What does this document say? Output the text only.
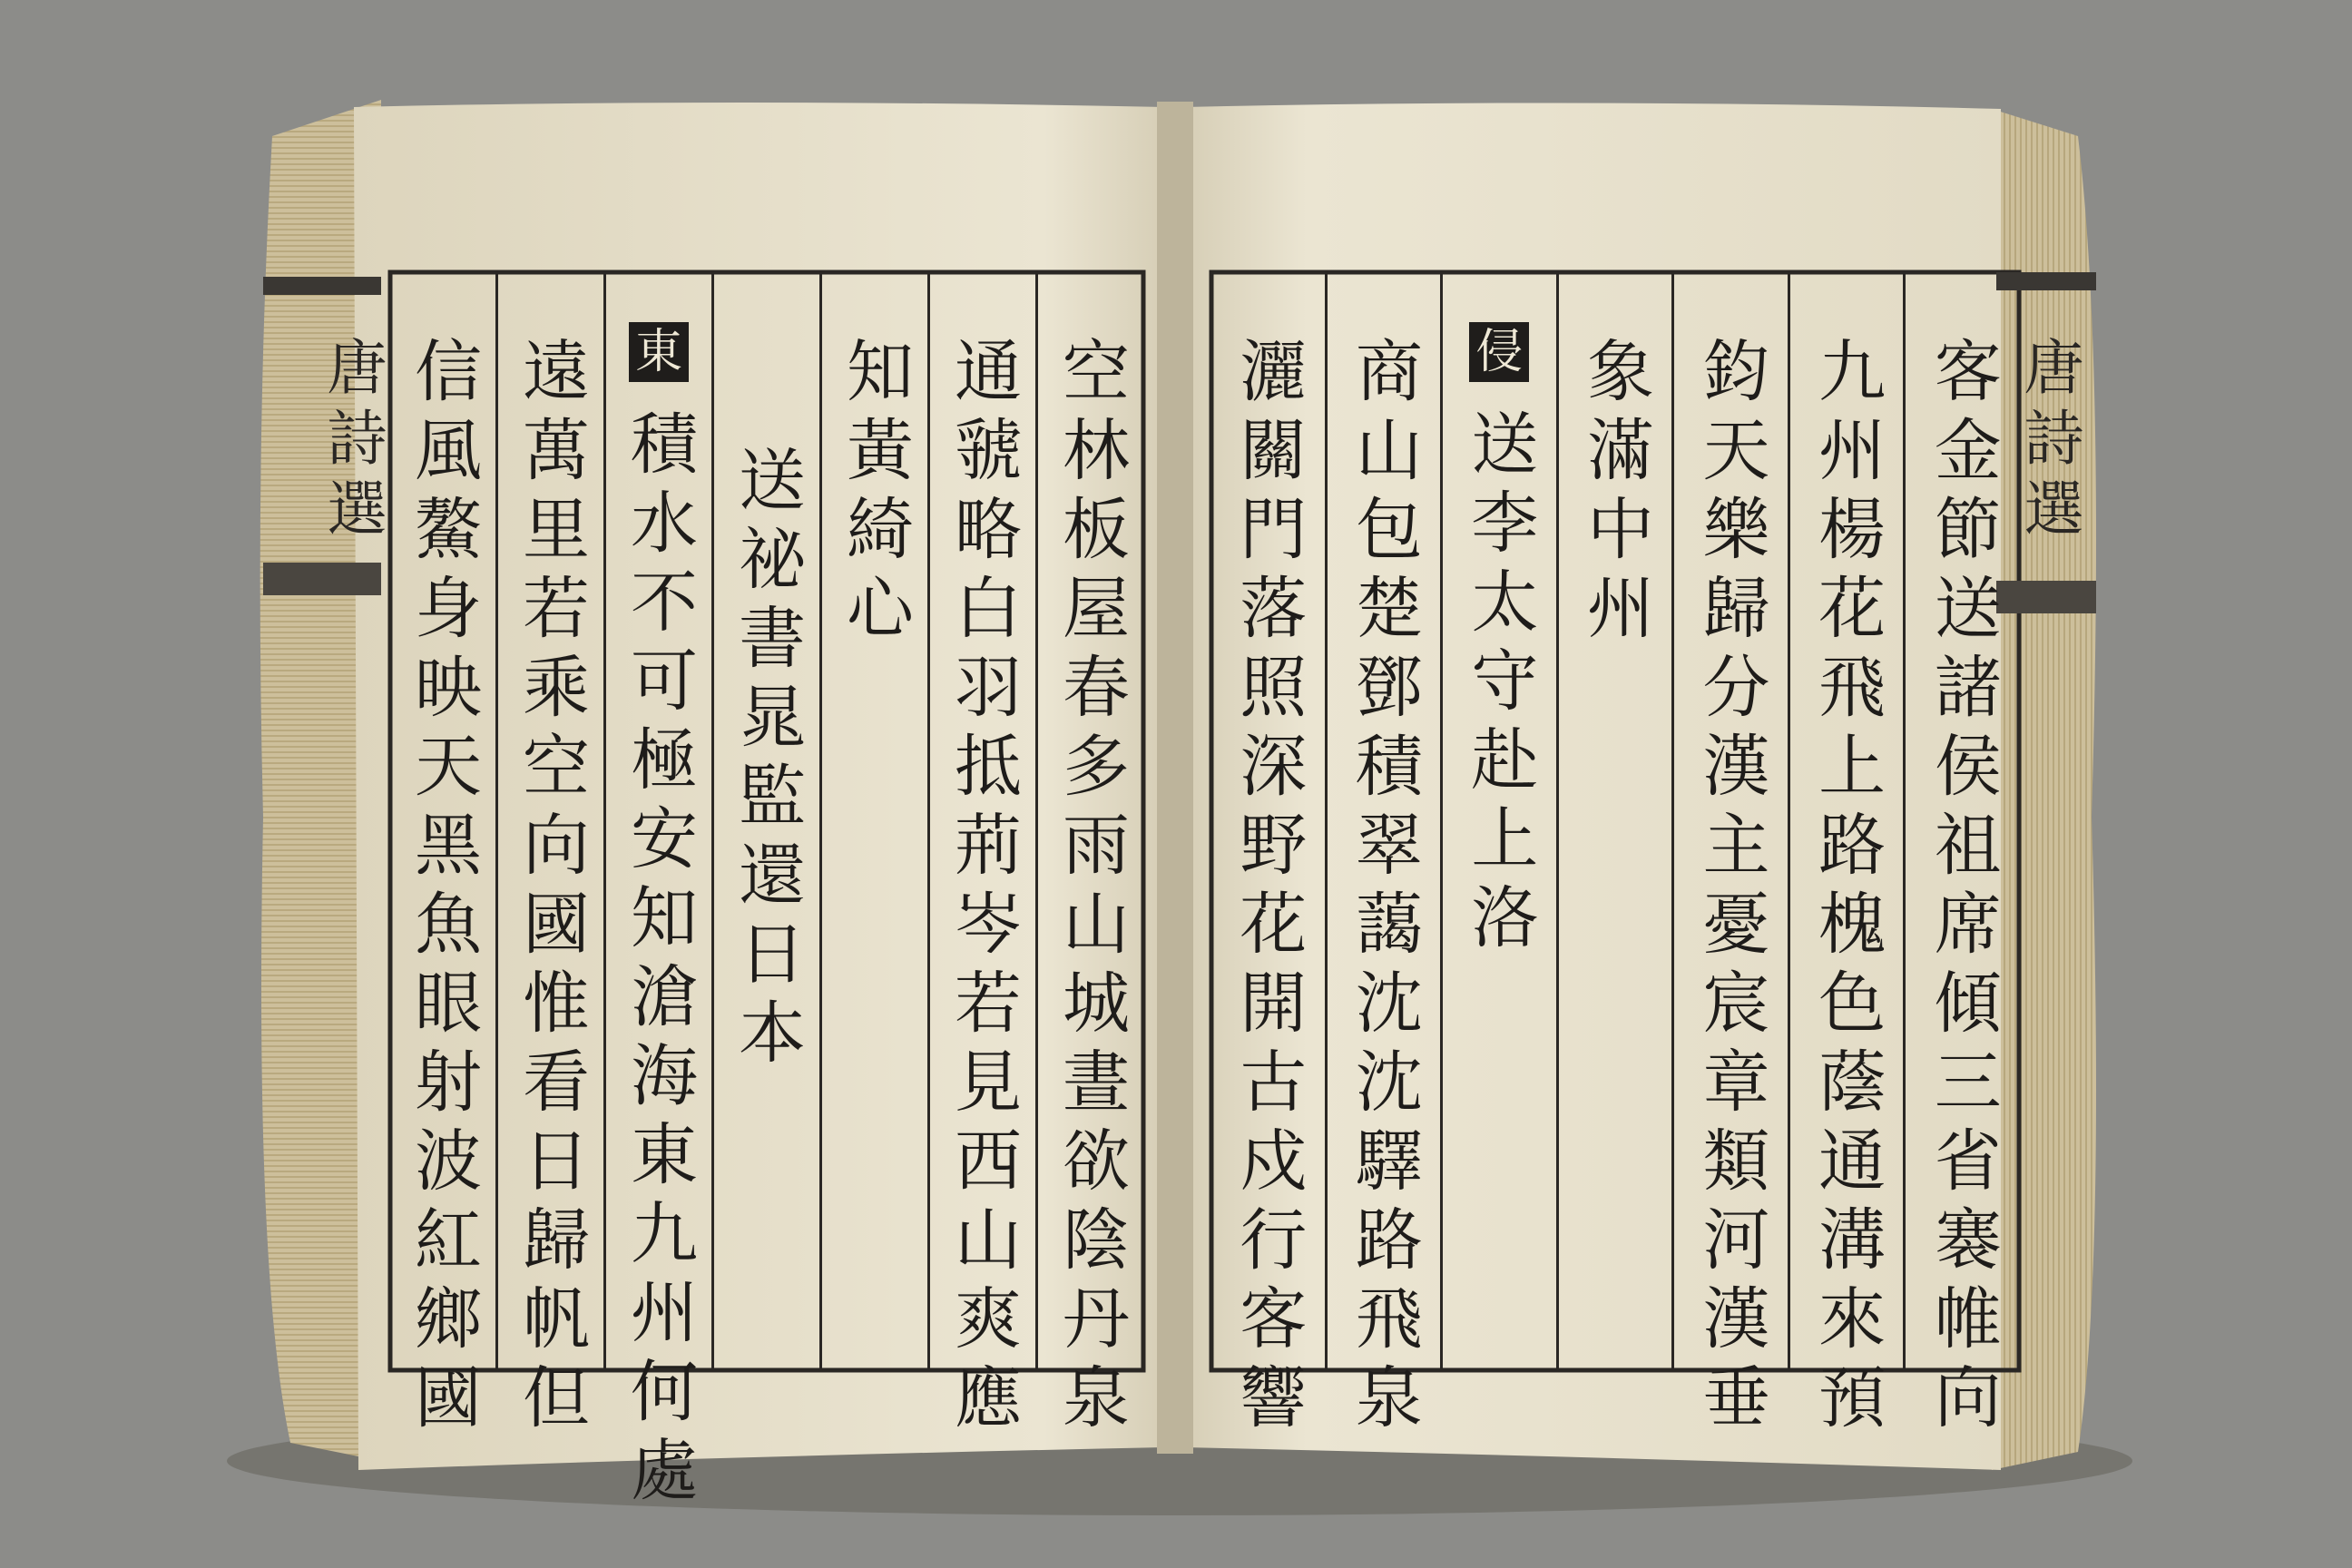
空林板屋春多雨山城晝欲陰丹泉
通虢略白羽抵荊岑若見西山爽應
知黃綺心
送祕書晁監還日本
東
積水不可極安知滄海東九州何處
遠萬里若乘空向國惟看日歸帆但
信風鰲身映天黑魚眼射波紅鄉國	客金節送諸侯祖席傾三省褰帷向
九州楊花飛上路槐色蔭通溝來預
鈞天樂歸分漢主憂宸章類河漢垂
象滿中州
侵
送李太守赴上洛
商山包楚鄧積翠藹沈沈驛路飛泉
灑關門落照深野花開古戍行客響
唐詩選	唐詩選
